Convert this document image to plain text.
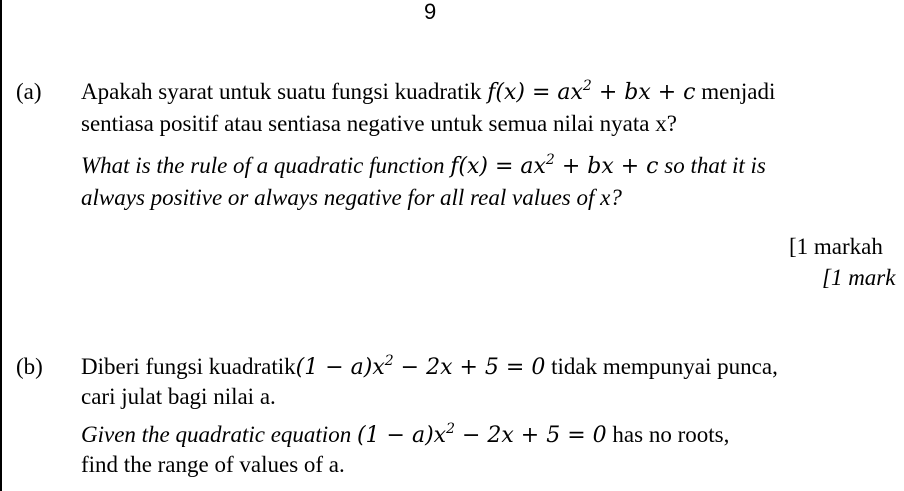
9
(a) Apakah syarat untuk suatu fungsi kuadratik $f(x) = ax^2$ + bx + c menjadi
sentiasa positif atau sentiasa negative untuk semua nilai nyata x?
What is the rule of a quadratic function $f(x) = ax^2$ + bx + c so that it is
always positive or always negative for all real values of x?
[1 markah
[1 mark
(b) Diberi fungsi kuadratik(1 − $a)x^2 - 2x + 5 = 0$ tidak mempunyai punca,
cari julat bagi nilai a.
Given the quadratic equation $(1 - a)x^2 - 2x + 5 = 0$ has no roots,
find the range of values of a.
